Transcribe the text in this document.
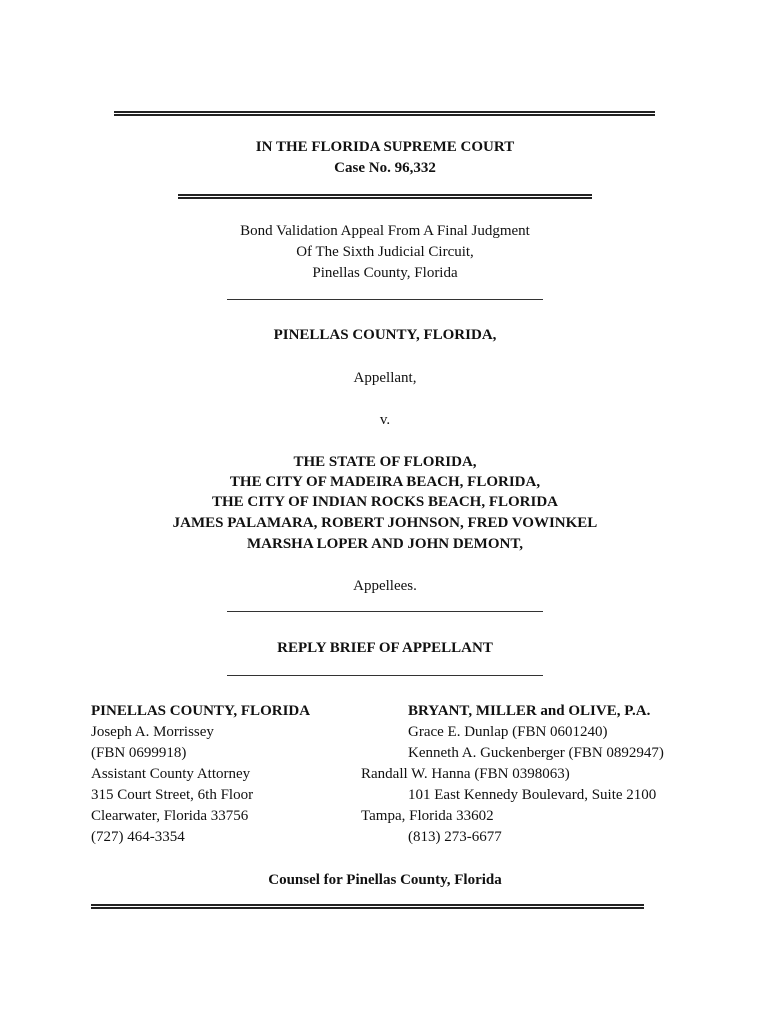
IN THE FLORIDA SUPREME COURT
Case No. 96,332
Bond Validation Appeal From A Final Judgment
Of The Sixth Judicial Circuit,
Pinellas County, Florida
PINELLAS COUNTY, FLORIDA,
Appellant,
v.
THE STATE OF FLORIDA,
THE CITY OF MADEIRA BEACH, FLORIDA,
THE CITY OF INDIAN ROCKS BEACH, FLORIDA
JAMES PALAMARA, ROBERT JOHNSON, FRED VOWINKEL
MARSHA LOPER AND JOHN DEMONT,
Appellees.
REPLY BRIEF OF APPELLANT
PINELLAS COUNTY, FLORIDA
Joseph A. Morrissey
(FBN 0699918)
Assistant County Attorney
315 Court Street, 6th Floor
Clearwater, Florida 33756
(727) 464-3354
BRYANT, MILLER and OLIVE, P.A.
Grace E. Dunlap (FBN 0601240)
Kenneth A. Guckenberger (FBN 0892947)
Randall W. Hanna (FBN 0398063)
101 East Kennedy Boulevard, Suite 2100
Tampa, Florida 33602
(813) 273-6677
Counsel for Pinellas County, Florida
